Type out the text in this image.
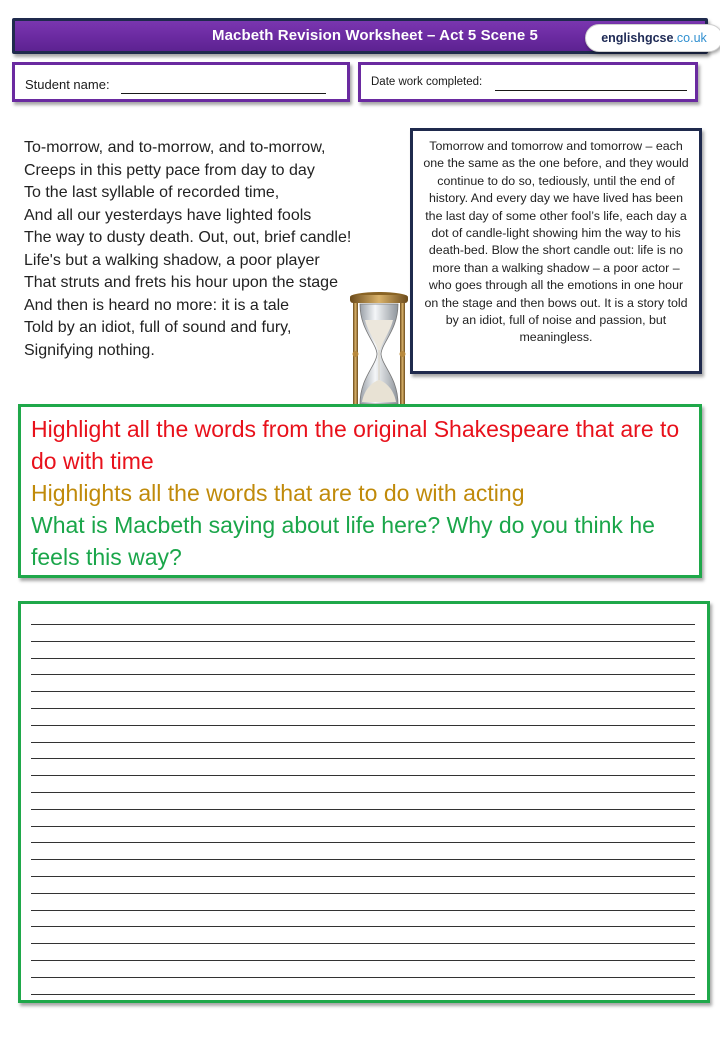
Macbeth Revision Worksheet – Act 5 Scene 5	englishgcse.co.uk
Student name:	Date work completed:
To-morrow, and to-morrow, and to-morrow,
Creeps in this petty pace from day to day
To the last syllable of recorded time,
And all our yesterdays have lighted fools
The way to dusty death. Out, out, brief candle!
Life's but a walking shadow, a poor player
That struts and frets his hour upon the stage
And then is heard no more: it is a tale
Told by an idiot, full of sound and fury,
Signifying nothing.
Tomorrow and tomorrow and tomorrow – each one the same as the one before, and they would continue to do so, tediously, until the end of history. And every day we have lived has been the last day of some other fool’s life, each day a dot of candle-light showing him the way to his death-bed. Blow the short candle out: life is no more than a walking shadow – a poor actor – who goes through all the emotions in one hour on the stage and then bows out. It is a story told by an idiot, full of noise and passion, but meaningless.

Highlight all the words from the original Shakespeare that are to do with time

Highlights all the words that are to do with acting

What is Macbeth saying about life here? Why do you think he feels this way?
